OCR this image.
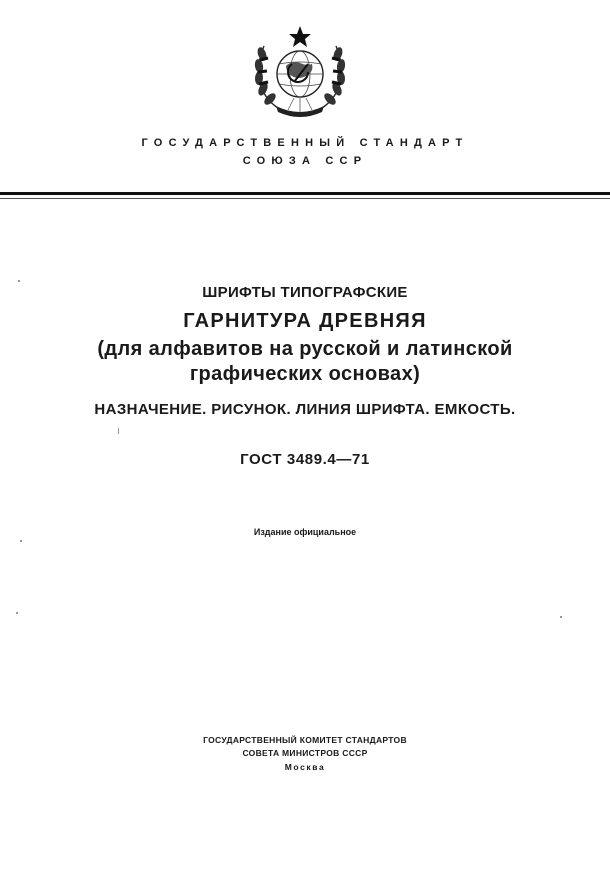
ГОСУДАРСТВЕННЫЙ СТАНДАРТ
СОЮЗА ССР
ШРИФТЫ ТИПОГРАФСКИЕ
ГАРНИТУРА ДРЕВНЯЯ
(для алфавитов на русской и латинской
графических основах)
НАЗНАЧЕНИЕ. РИСУНОК. ЛИНИЯ ШРИФТА. ЕМКОСТЬ.
ГОСТ 3489.4—71
Издание официальное
ГОСУДАРСТВЕННЫЙ КОМИТЕТ СТАНДАРТОВ
СОВЕТА МИНИСТРОВ СССР
Москва
